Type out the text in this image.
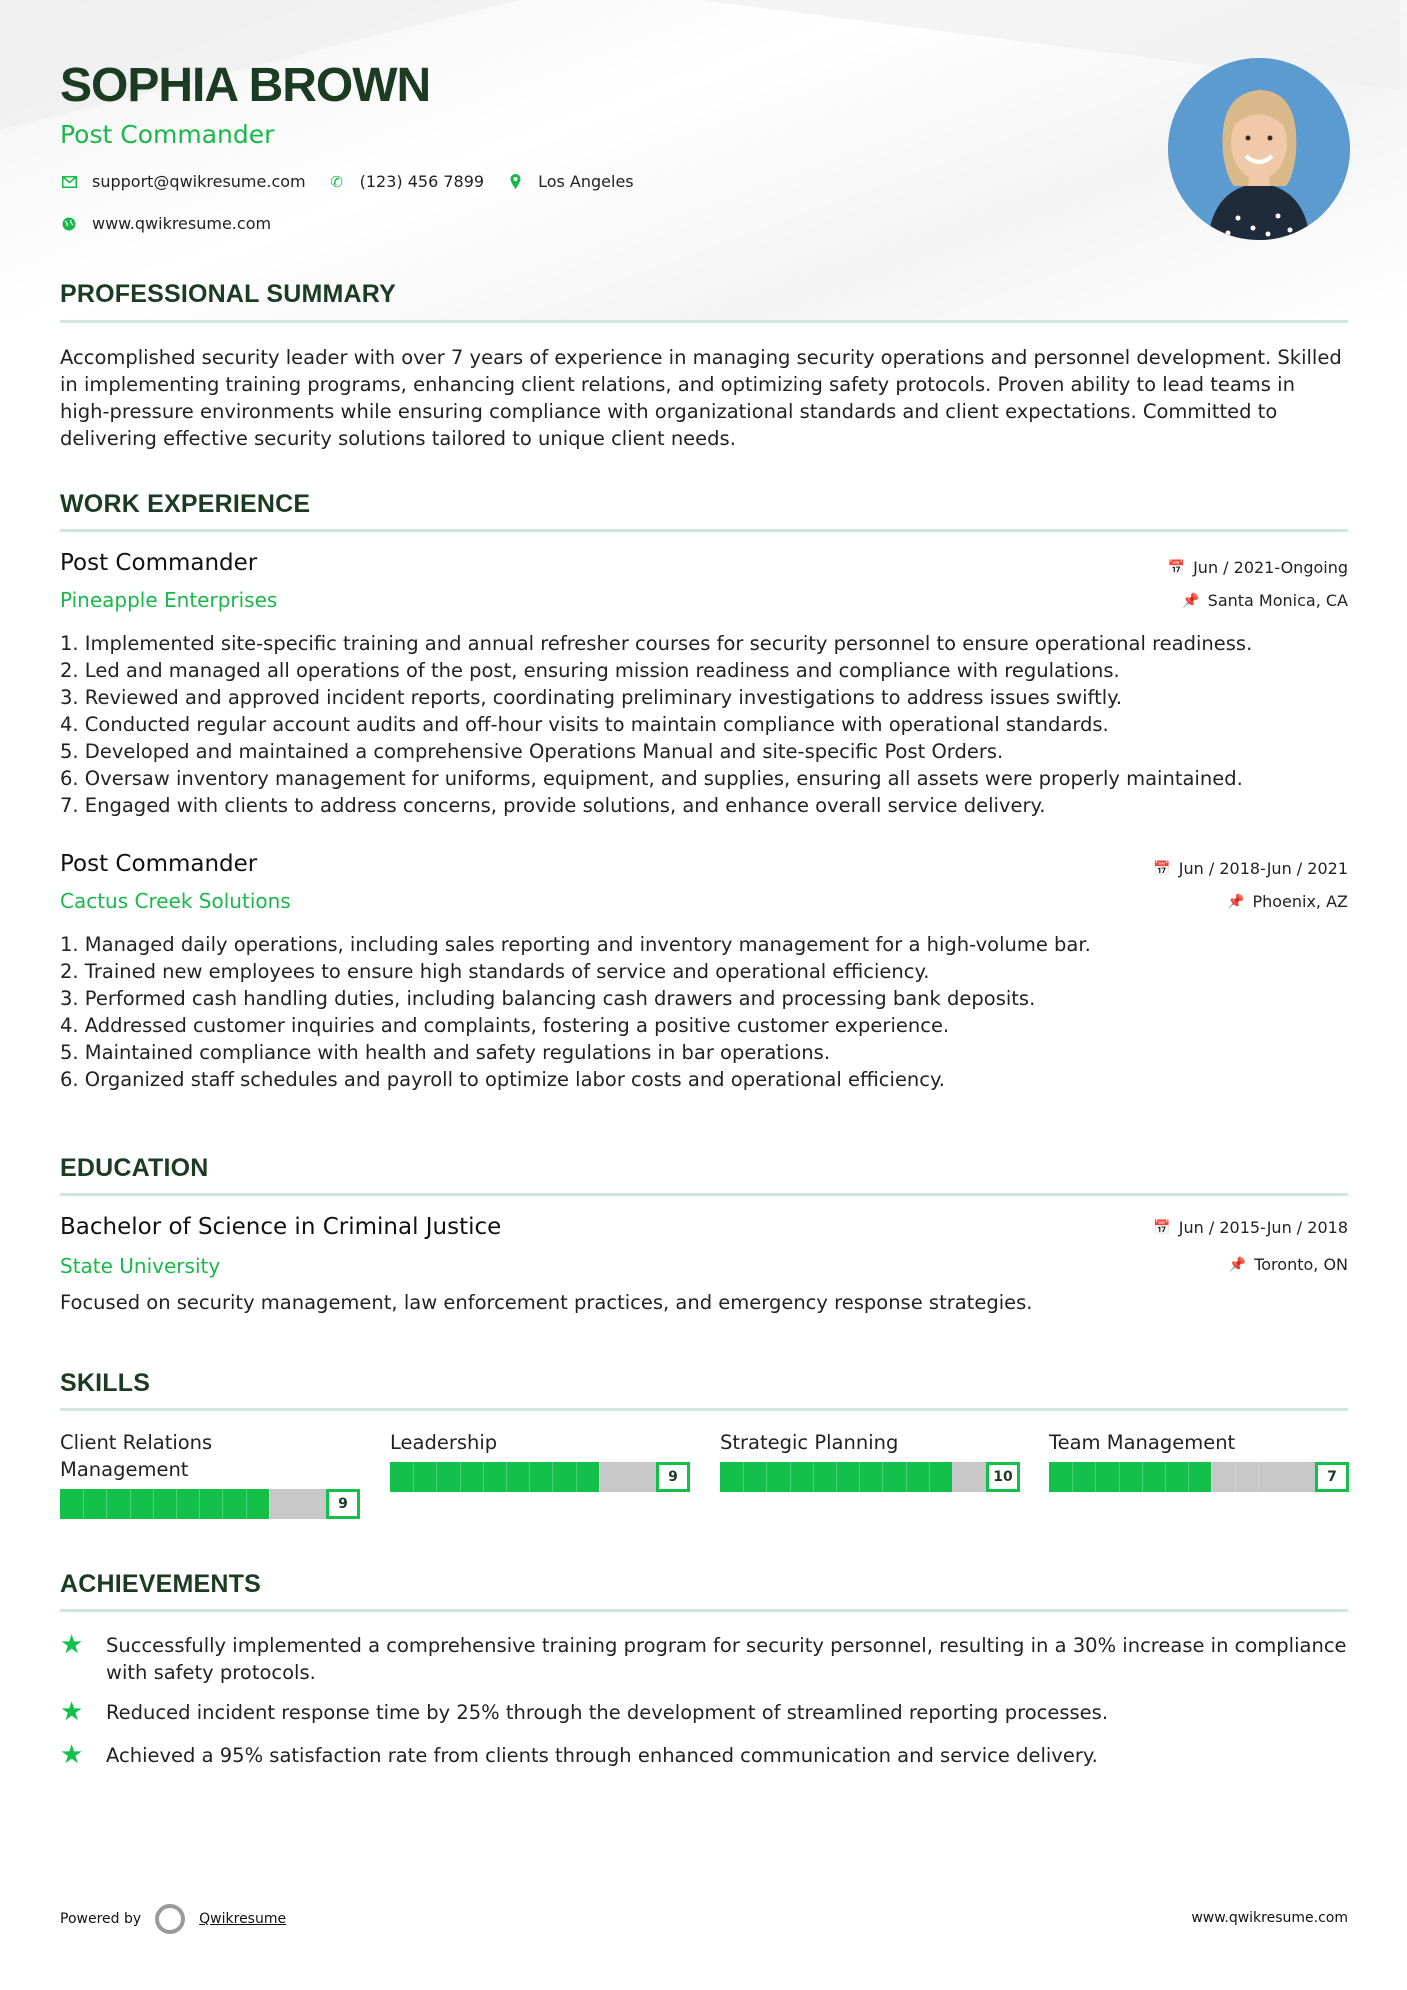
SOPHIA BROWN
Post Commander
support@qwikresume.com ✆ (123) 456 7899	Los Angeles
www.qwikresume.com
PROFESSIONAL SUMMARY
Accomplished security leader with over 7 years of experience in managing security operations and personnel development. Skilled in implementing training programs, enhancing client relations, and optimizing safety protocols. Proven ability to lead teams in high-pressure environments while ensuring compliance with organizational standards and client expectations. Committed to delivering effective security solutions tailored to unique client needs.
WORK EXPERIENCE
Post Commander	📅 Jun / 2021-Ongoing
Pineapple Enterprises	📌 Santa Monica, CA
1. Implemented site-specific training and annual refresher courses for security personnel to ensure operational readiness.
2. Led and managed all operations of the post, ensuring mission readiness and compliance with regulations.
3. Reviewed and approved incident reports, coordinating preliminary investigations to address issues swiftly.
4. Conducted regular account audits and off-hour visits to maintain compliance with operational standards.
5. Developed and maintained a comprehensive Operations Manual and site-specific Post Orders.
6. Oversaw inventory management for uniforms, equipment, and supplies, ensuring all assets were properly maintained.
7. Engaged with clients to address concerns, provide solutions, and enhance overall service delivery.
Post Commander	📅 Jun / 2018-Jun / 2021
Cactus Creek Solutions	📌 Phoenix, AZ
1. Managed daily operations, including sales reporting and inventory management for a high-volume bar.
2. Trained new employees to ensure high standards of service and operational efficiency.
3. Performed cash handling duties, including balancing cash drawers and processing bank deposits.
4. Addressed customer inquiries and complaints, fostering a positive customer experience.
5. Maintained compliance with health and safety regulations in bar operations.
6. Organized staff schedules and payroll to optimize labor costs and operational efficiency.
EDUCATION
Bachelor of Science in Criminal Justice	📅 Jun / 2015-Jun / 2018
State University	📌 Toronto, ON
Focused on security management, law enforcement practices, and emergency response strategies.
SKILLS
Client Relations Management
9
Leadership
9
Strategic Planning
10
Team Management
7
ACHIEVEMENTS
★	Successfully implemented a comprehensive training program for security personnel, resulting in a 30% increase in compliance with safety protocols.
★	Reduced incident response time by 25% through the development of streamlined reporting processes.
★	Achieved a 95% satisfaction rate from clients through enhanced communication and service delivery.
Powered by	Qwikresume	www.qwikresume.com
